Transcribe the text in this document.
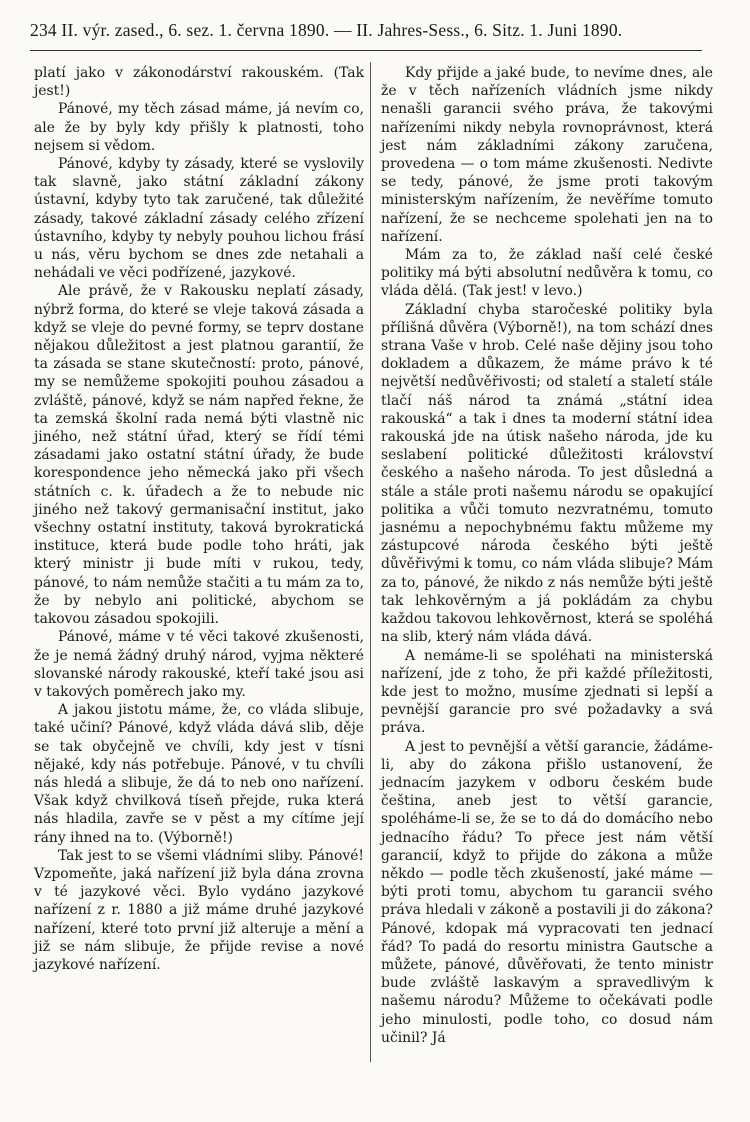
234 II. výr. zased., 6. sez. 1. června 1890. — II. Jahres-Sess., 6. Sitz. 1. Juni 1890.

platí jako v zákonodárství rakouském. (Tak jest!)

Pánové, my těch zásad máme, já nevím co, ale že by byly kdy přišly k platnosti, toho nejsem si vědom.

Pánové, kdyby ty zásady, které se vyslovily tak slavně, jako státní základní zákony ústavní, kdyby tyto tak zaručené, tak důležité zásady, takové základní zásady celého zřízení ústavního, kdyby ty nebyly pouhou lichou frásí u nás, věru bychom se dnes zde netahali a nehádali ve věci podřízené, jazykové.

Ale právě, že v Rakousku neplatí zásady, nýbrž forma, do které se vleje taková zásada a když se vleje do pevné formy, se teprv dostane nějakou důležitost a jest platnou garantií, že ta zásada se stane skutečností: proto, pánové, my se nemůžeme spokojiti pouhou zásadou a zvláště, pánové, když se nám napřed řekne, že ta zemská školní rada nemá býti vlastně nic jiného, než státní úřad, který se řídí témi zásadami jako ostatní státní úřady, že bude korespondence jeho německá jako při všech státních c. k. úřadech a že to nebude nic jiného než takový germanisační institut, jako všechny ostatní instituty, taková byrokratická instituce, která bude podle toho hráti, jak který ministr ji bude míti v rukou, tedy, pánové, to nám nemůže stačiti a tu mám za to, že by nebylo ani politické, abychom se takovou zásadou spokojili.

Pánové, máme v té věci takové zkušenosti, že je nemá žádný druhý národ, vyjma některé slovanské národy rakouské, kteří také jsou asi v takových poměrech jako my.

A jakou jistotu máme, že, co vláda slibuje, také učiní? Pánové, když vláda dává slib, děje se tak obyčejně ve chvíli, kdy jest v tísni nějaké, kdy nás potřebuje. Pánové, v tu chvíli nás hledá a slibuje, že dá to neb ono nařízení. Však když chvilková tíseň přejde, ruka která nás hladila, zavře se v pěst a my cítíme její rány ihned na to. (Výborně!)

Tak jest to se všemi vládními sliby. Pánové! Vzpomeňte, jaká nařízení již byla dána zrovna v té jazykové věci. Bylo vydáno jazykové nařízení z r. 1880 a již máme druhé jazykové nařízení, které toto první již alteruje a mění a již se nám slibuje, že přijde revise a nové jazykové nařízení.

Kdy přijde a jaké bude, to nevíme dnes, ale že v těch nařízeních vládních jsme nikdy nenašli garancii svého práva, že takovými nařízeními nikdy nebyla rovnoprávnost, která jest nám základními zákony zaručena, provedena — o tom máme zkušenosti. Nedivte se tedy, pánové, že jsme proti takovým ministerským nařízením, že nevěříme tomuto nařízení, že se nechceme spolehati jen na to nařízení.

Mám za to, že základ naší celé české politiky má býti absolutní nedůvěra k tomu, co vláda dělá. (Tak jest! v levo.)

Základní chyba staročeské politiky byla přílišná důvěra (Výborně!), na tom schází dnes strana Vaše v hrob. Celé naše dějiny jsou toho dokladem a důkazem, že máme právo k té největší nedůvěřivosti; od staletí a staletí stále tlačí náš národ ta známá „státní idea rakouská“ a tak i dnes ta moderní státní idea rakouská jde na útisk našeho národa, jde ku seslabení politické důležitosti království českého a našeho národa. To jest důsledná a stále a stále proti našemu národu se opakující politika a vůči tomuto nezvratnému, tomuto jasnému a nepochybnému faktu můžeme my zástupcové národa českého býti ještě důvěřivými k tomu, co nám vláda slibuje? Mám za to, pánové, že nikdo z nás nemůže býti ještě tak lehkověrným a já pokládám za chybu každou takovou lehkověrnost, která se spoléhá na slib, který nám vláda dává.

A nemáme-li se spoléhati na ministerská nařízení, jde z toho, že při každé příležitosti, kde jest to možno, musíme zjednati si lepší a pevnější garancie pro své požadavky a svá práva.

A jest to pevnější a větší garancie, žádáme-li, aby do zákona přišlo ustanovení, že jednacím jazykem v odboru českém bude čeština, aneb jest to větší garancie, spoléháme-li se, že se to dá do domácího nebo jednacího řádu? To přece jest nám větší garancií, když to přijde do zákona a může někdo — podle těch zkušeností, jaké máme — býti proti tomu, abychom tu garancii svého práva hledali v zákoně a postavili ji do zákona? Pánové, kdopak má vypracovati ten jednací řád? To padá do resortu ministra Gautsche a můžete, pánové, důvěřovati, že tento ministr bude zvláště laskavým a spravedlivým k našemu národu? Můžeme to očekávati podle jeho minulosti, podle toho, co dosud nám učinil? Já
